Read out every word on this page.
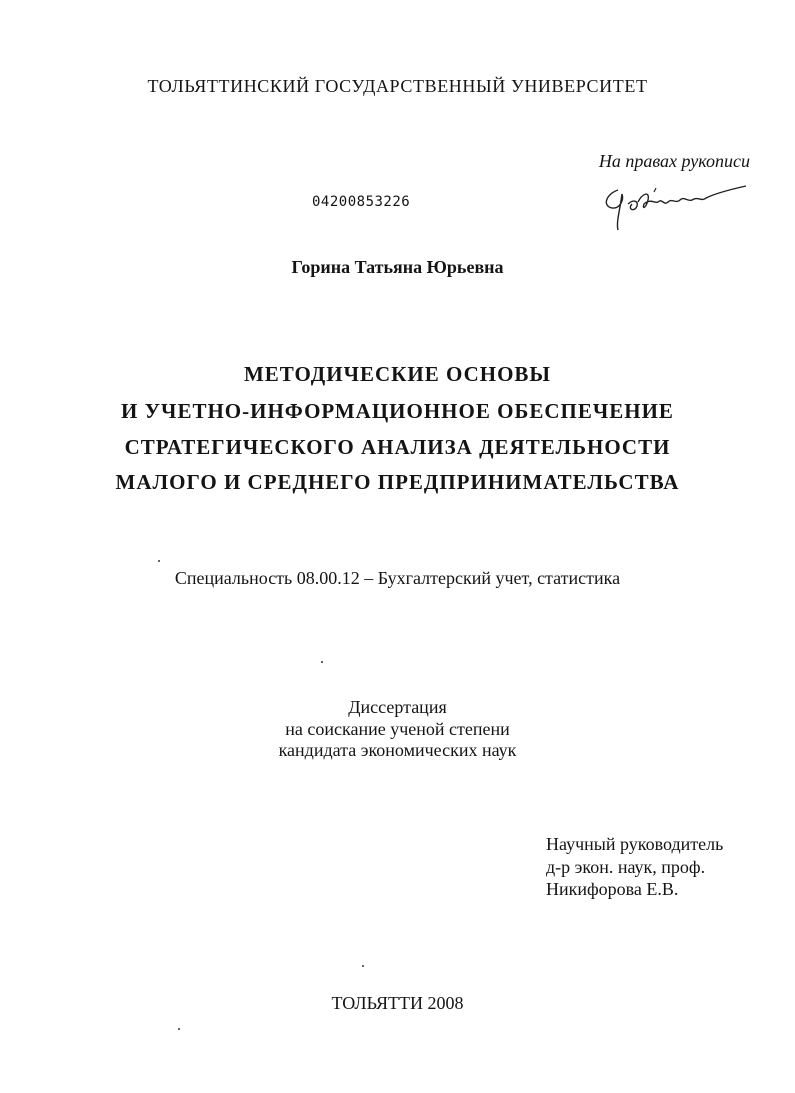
ТОЛЬЯТТИНСКИЙ ГОСУДАРСТВЕННЫЙ УНИВЕРСИТЕТ
На правах рукописи
04200853226
Горина Татьяна Юрьевна
МЕТОДИЧЕСКИЕ ОСНОВЫ
И УЧЕТНО-ИНФОРМАЦИОННОЕ ОБЕСПЕЧЕНИЕ
СТРАТЕГИЧЕСКОГО АНАЛИЗА ДЕЯТЕЛЬНОСТИ
МАЛОГО И СРЕДНЕГО ПРЕДПРИНИМАТЕЛЬСТВА
Специальность 08.00.12 – Бухгалтерский учет, статистика
Диссертация
на соискание ученой степени
кандидата экономических наук
Научный руководитель
д-р экон. наук, проф.
Никифорова Е.В.
ТОЛЬЯТТИ 2008
